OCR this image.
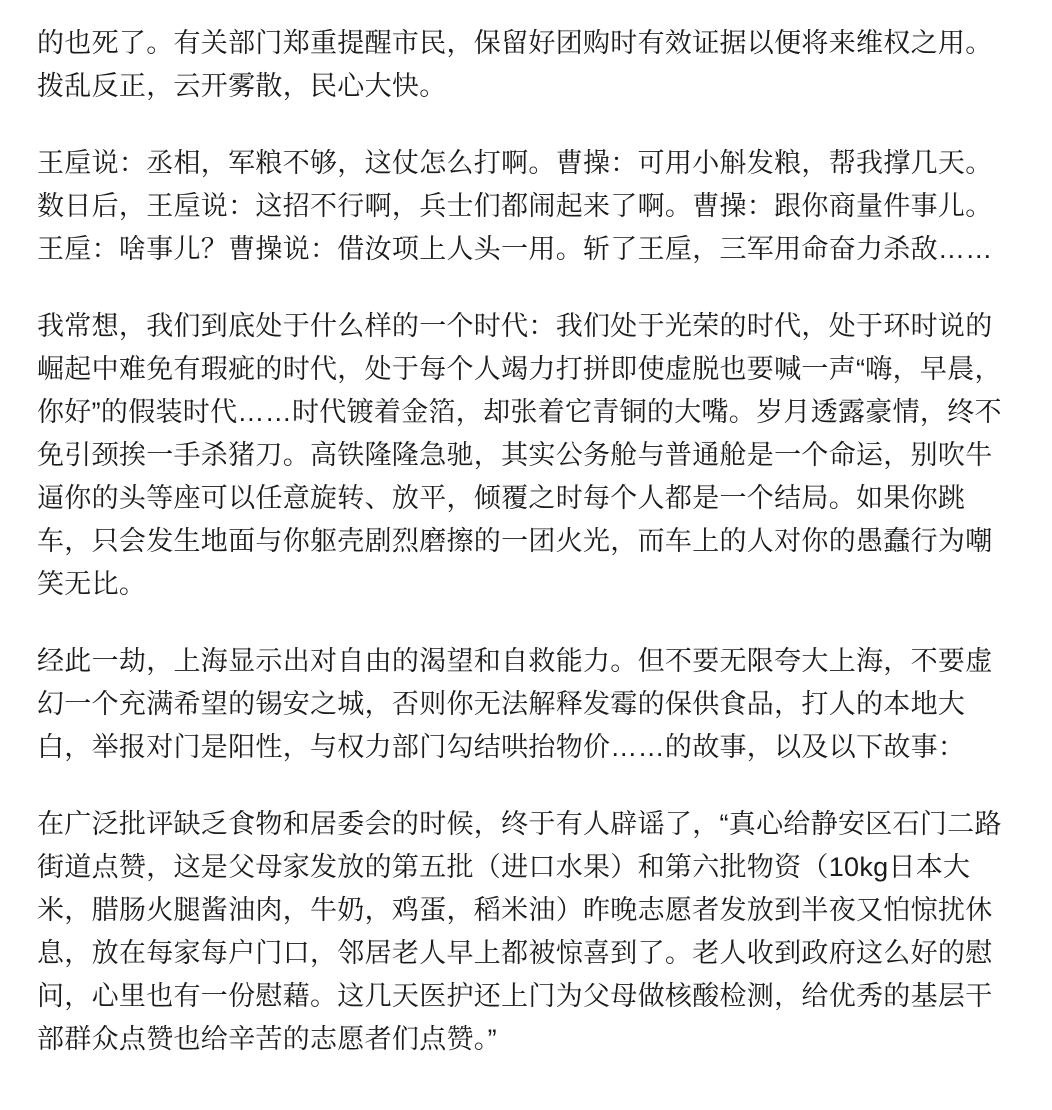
的也死了。有关部门郑重提醒市民，保留好团购时有效证据以便将来维权之用。
拨乱反正，云开雾散，民心大快。

王垕说：丞相，军粮不够，这仗怎么打啊。曹操：可用小斛发粮，帮我撑几天。
数日后，王垕说：这招不行啊，兵士们都闹起来了啊。曹操：跟你商量件事儿。
王垕：啥事儿？曹操说：借汝项上人头一用。斩了王垕，三军用命奋力杀敌……

我常想，我们到底处于什么样的一个时代：我们处于光荣的时代，处于环时说的
崛起中难免有瑕疵的时代，处于每个人竭力打拼即使虚脱也要喊一声“嗨，早晨，
你好”的假装时代……时代镀着金箔，却张着它青铜的大嘴。岁月透露豪情，终不
免引颈挨一手杀猪刀。高铁隆隆急驰，其实公务舱与普通舱是一个命运，别吹牛
逼你的头等座可以任意旋转、放平，倾覆之时每个人都是一个结局。如果你跳
车，只会发生地面与你躯壳剧烈磨擦的一团火光，而车上的人对你的愚蠢行为嘲
笑无比。

经此一劫，上海显示出对自由的渴望和自救能力。但不要无限夸大上海，不要虚
幻一个充满希望的锡安之城，否则你无法解释发霉的保供食品，打人的本地大
白，举报对门是阳性，与权力部门勾结哄抬物价……的故事，以及以下故事：

在广泛批评缺乏食物和居委会的时候，终于有人辟谣了，“真心给静安区石门二路
街道点赞，这是父母家发放的第五批（进口水果）和第六批物资（10kg日本大
米，腊肠火腿酱油肉，牛奶，鸡蛋，稻米油）昨晚志愿者发放到半夜又怕惊扰休
息，放在每家每户门口，邻居老人早上都被惊喜到了。老人收到政府这么好的慰
问，心里也有一份慰藉。这几天医护还上门为父母做核酸检测，给优秀的基层干
部群众点赞也给辛苦的志愿者们点赞。”
